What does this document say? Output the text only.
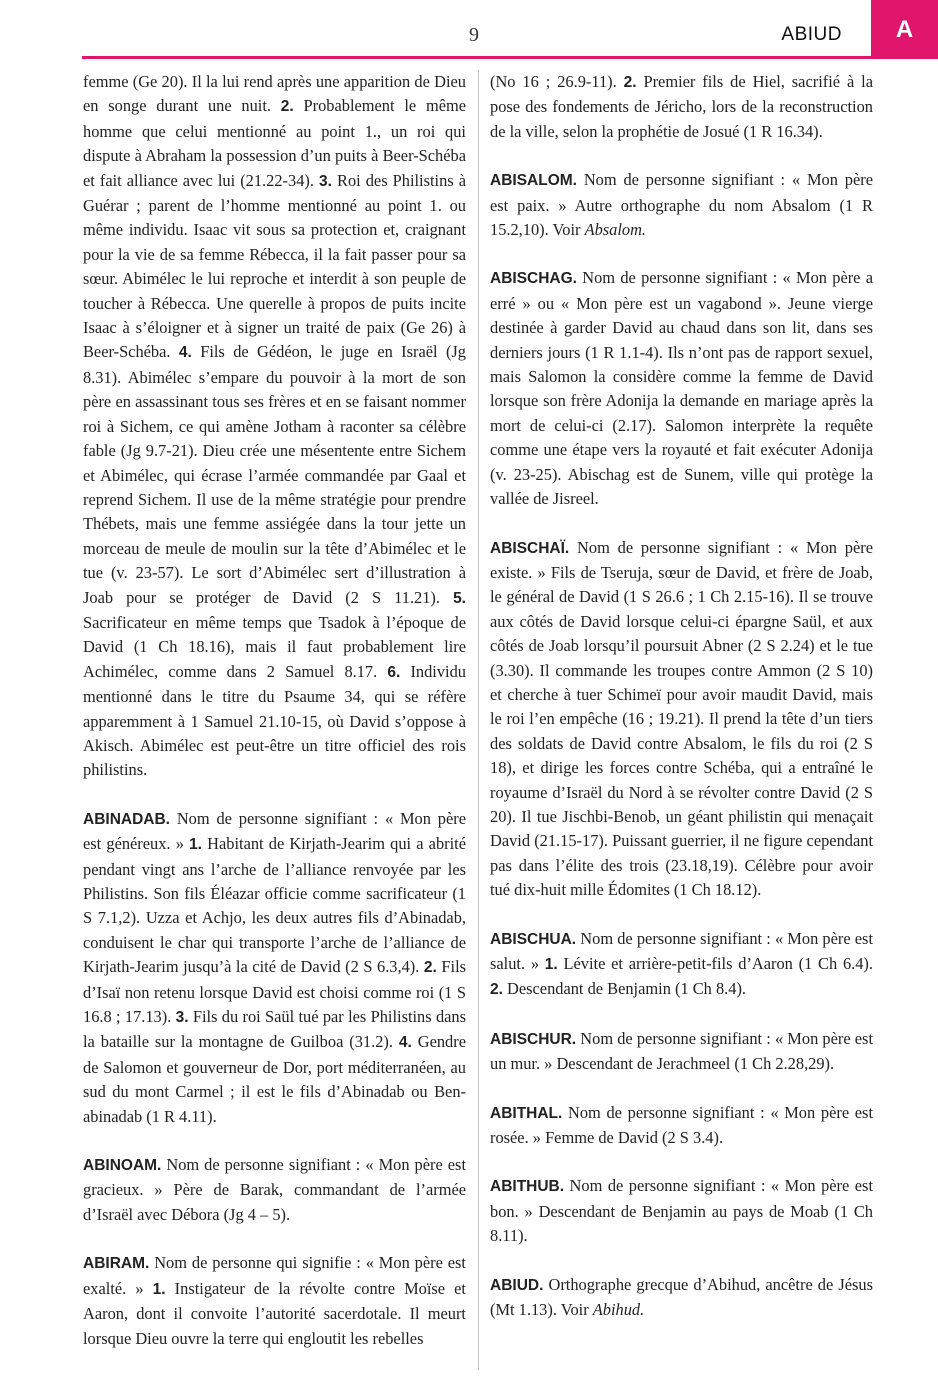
9	ABIUD	A

femme (Ge 20). Il la lui rend après une apparition de Dieu en songe durant une nuit. 2. Probablement le même homme que celui mentionné au point 1., un roi qui dispute à Abraham la possession d’un puits à Beer-Schéba et fait alliance avec lui (21.22-34). 3. Roi des Philistins à Guérar ; parent de l’homme mentionné au point 1. ou même individu. Isaac vit sous sa protection et, craignant pour la vie de sa femme Rébecca, il la fait passer pour sa sœur. Abimélec le lui reproche et interdit à son peuple de toucher à Rébecca. Une querelle à propos de puits incite Isaac à s’éloigner et à signer un traité de paix (Ge 26) à Beer-Schéba. 4. Fils de Gédéon, le juge en Israël (Jg 8.31). Abimélec s’empare du pouvoir à la mort de son père en assassinant tous ses frères et en se faisant nommer roi à Sichem, ce qui amène Jotham à raconter sa célèbre fable (Jg 9.7-21). Dieu crée une mésentente entre Sichem et Abimélec, qui écrase l’armée commandée par Gaal et reprend Sichem. Il use de la même stratégie pour prendre Thébets, mais une femme assiégée dans la tour jette un morceau de meule de moulin sur la tête d’Abimélec et le tue (v. 23-57). Le sort d’Abimélec sert d’illustration à Joab pour se protéger de David (2 S 11.21). 5. Sacrificateur en même temps que Tsadok à l’époque de David (1 Ch 18.16), mais il faut probablement lire Achimélec, comme dans 2 Samuel 8.17. 6. Individu mentionné dans le titre du Psaume 34, qui se réfère apparemment à 1 Samuel 21.10-15, où David s’oppose à Akisch. Abimélec est peut-être un titre officiel des rois philistins.

ABINADAB. Nom de personne signifiant : « Mon père est généreux. » 1. Habitant de Kirjath-Jearim qui a abrité pendant vingt ans l’arche de l’alliance renvoyée par les Philistins. Son fils Éléazar officie comme sacrificateur (1 S 7.1,2). Uzza et Achjo, les deux autres fils d’Abinadab, conduisent le char qui transporte l’arche de l’alliance de Kirjath-Jearim jusqu’à la cité de David (2 S 6.3,4). 2. Fils d’Isaï non retenu lorsque David est choisi comme roi (1 S 16.8 ; 17.13). 3. Fils du roi Saül tué par les Philistins dans la bataille sur la montagne de Guilboa (31.2). 4. Gendre de Salomon et gouverneur de Dor, port méditerranéen, au sud du mont Carmel ; il est le fils d’Abinadab ou Ben-abinadab (1 R 4.11).

ABINOAM. Nom de personne signifiant : « Mon père est gracieux. » Père de Barak, commandant de l’armée d’Israël avec Débora (Jg 4 – 5).

ABIRAM. Nom de personne qui signifie : « Mon père est exalté. » 1. Instigateur de la révolte contre Moïse et Aaron, dont il convoite l’autorité sacerdotale. Il meurt lorsque Dieu ouvre la terre qui engloutit les rebelles

(No 16 ; 26.9-11). 2. Premier fils de Hiel, sacrifié à la pose des fondements de Jéricho, lors de la reconstruction de la ville, selon la prophétie de Josué (1 R 16.34).

ABISALOM. Nom de personne signifiant : « Mon père est paix. » Autre orthographe du nom Absalom (1 R 15.2,10). Voir Absalom.

ABISCHAG. Nom de personne signifiant : « Mon père a erré » ou « Mon père est un vagabond ». Jeune vierge destinée à garder David au chaud dans son lit, dans ses derniers jours (1 R 1.1-4). Ils n’ont pas de rapport sexuel, mais Salomon la considère comme la femme de David lorsque son frère Adonija la demande en mariage après la mort de celui-ci (2.17). Salomon interprète la requête comme une étape vers la royauté et fait exécuter Adonija (v. 23-25). Abischag est de Sunem, ville qui protège la vallée de Jisreel.

ABISCHAÏ. Nom de personne signifiant : « Mon père existe. » Fils de Tseruja, sœur de David, et frère de Joab, le général de David (1 S 26.6 ; 1 Ch 2.15-16). Il se trouve aux côtés de David lorsque celui-ci épargne Saül, et aux côtés de Joab lorsqu’il poursuit Abner (2 S 2.24) et le tue (3.30). Il commande les troupes contre Ammon (2 S 10) et cherche à tuer Schimeï pour avoir maudit David, mais le roi l’en empêche (16 ; 19.21). Il prend la tête d’un tiers des soldats de David contre Absalom, le fils du roi (2 S 18), et dirige les forces contre Schéba, qui a entraîné le royaume d’Israël du Nord à se révolter contre David (2 S 20). Il tue Jischbi-Benob, un géant philistin qui menaçait David (21.15-17). Puissant guerrier, il ne figure cependant pas dans l’élite des trois (23.18,19). Célèbre pour avoir tué dix-huit mille Édomites (1 Ch 18.12).

ABISCHUA. Nom de personne signifiant : « Mon père est salut. » 1. Lévite et arrière-petit-fils d’Aaron (1 Ch 6.4). 2. Descendant de Benjamin (1 Ch 8.4).

ABISCHUR. Nom de personne signifiant : « Mon père est un mur. » Descendant de Jerachmeel (1 Ch 2.28,29).

ABITHAL. Nom de personne signifiant : « Mon père est rosée. » Femme de David (2 S 3.4).

ABITHUB. Nom de personne signifiant : « Mon père est bon. » Descendant de Benjamin au pays de Moab (1 Ch 8.11).

ABIUD. Orthographe grecque d’Abihud, ancêtre de Jésus (Mt 1.13). Voir Abihud.
